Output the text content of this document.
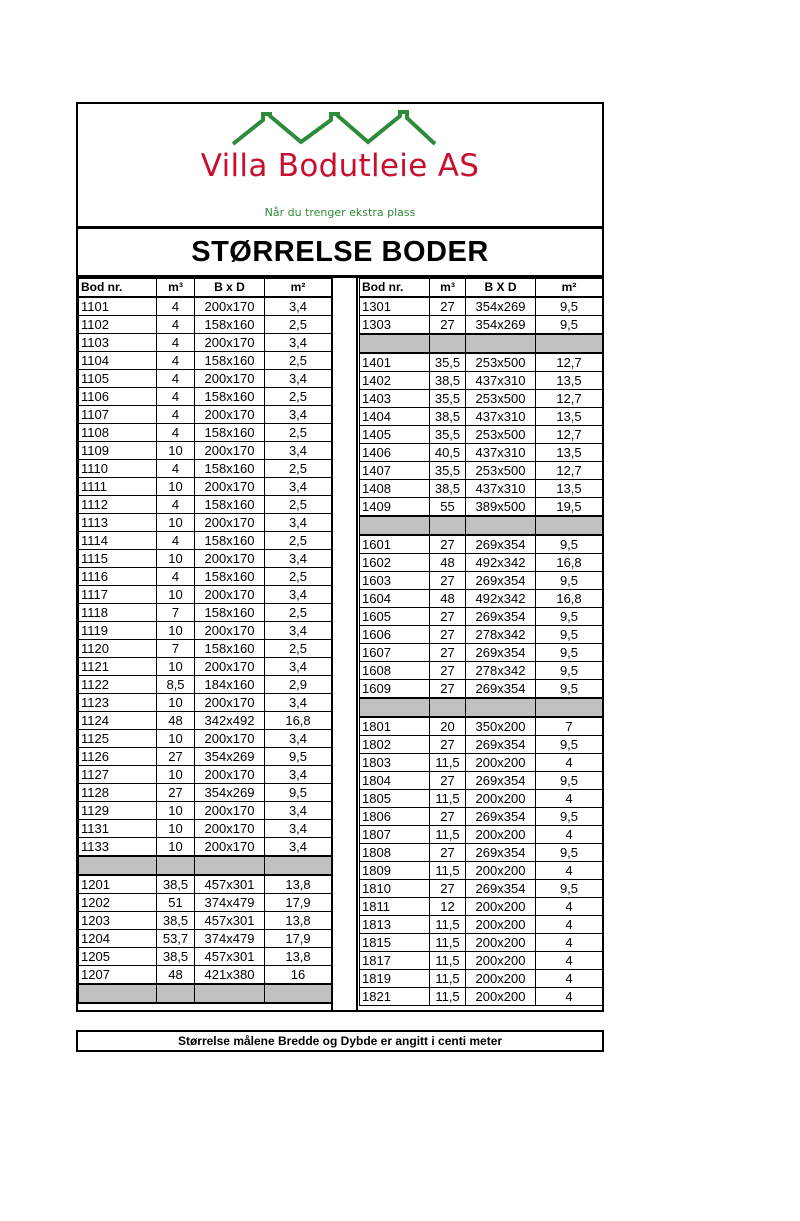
Villa Bodutleie AS
Når du trenger ekstra plass
STØRRELSE BODER
Bod nr.	m³	B x D	m²
1101	4	200x170	3,4
1102	4	158x160	2,5
1103	4	200x170	3,4
1104	4	158x160	2,5
1105	4	200x170	3,4
1106	4	158x160	2,5
1107	4	200x170	3,4
1108	4	158x160	2,5
1109	10	200x170	3,4
1110	4	158x160	2,5
1111	10	200x170	3,4
1112	4	158x160	2,5
1113	10	200x170	3,4
1114	4	158x160	2,5
1115	10	200x170	3,4
1116	4	158x160	2,5
1117	10	200x170	3,4
1118	7	158x160	2,5
1119	10	200x170	3,4
1120	7	158x160	2,5
1121	10	200x170	3,4
1122	8,5	184x160	2,9
1123	10	200x170	3,4
1124	48	342x492	16,8
1125	10	200x170	3,4
1126	27	354x269	9,5
1127	10	200x170	3,4
1128	27	354x269	9,5
1129	10	200x170	3,4
1131	10	200x170	3,4
1133	10	200x170	3,4

1201	38,5	457x301	13,8
1202	51	374x479	17,9
1203	38,5	457x301	13,8
1204	53,7	374x479	17,9
1205	38,5	457x301	13,8
1207	48	421x380	16

Bod nr.	m³	B X D	m²
1301	27	354x269	9,5
1303	27	354x269	9,5

1401	35,5	253x500	12,7
1402	38,5	437x310	13,5
1403	35,5	253x500	12,7
1404	38,5	437x310	13,5
1405	35,5	253x500	12,7
1406	40,5	437x310	13,5
1407	35,5	253x500	12,7
1408	38,5	437x310	13,5
1409	55	389x500	19,5

1601	27	269x354	9,5
1602	48	492x342	16,8
1603	27	269x354	9,5
1604	48	492x342	16,8
1605	27	269x354	9,5
1606	27	278x342	9,5
1607	27	269x354	9,5
1608	27	278x342	9,5
1609	27	269x354	9,5

1801	20	350x200	7
1802	27	269x354	9,5
1803	11,5	200x200	4
1804	27	269x354	9,5
1805	11,5	200x200	4
1806	27	269x354	9,5
1807	11,5	200x200	4
1808	27	269x354	9,5
1809	11,5	200x200	4
1810	27	269x354	9,5
1811	12	200x200	4
1813	11,5	200x200	4
1815	11,5	200x200	4
1817	11,5	200x200	4
1819	11,5	200x200	4
1821	11,5	200x200	4
Størrelse målene Bredde og Dybde er angitt i centi meter
